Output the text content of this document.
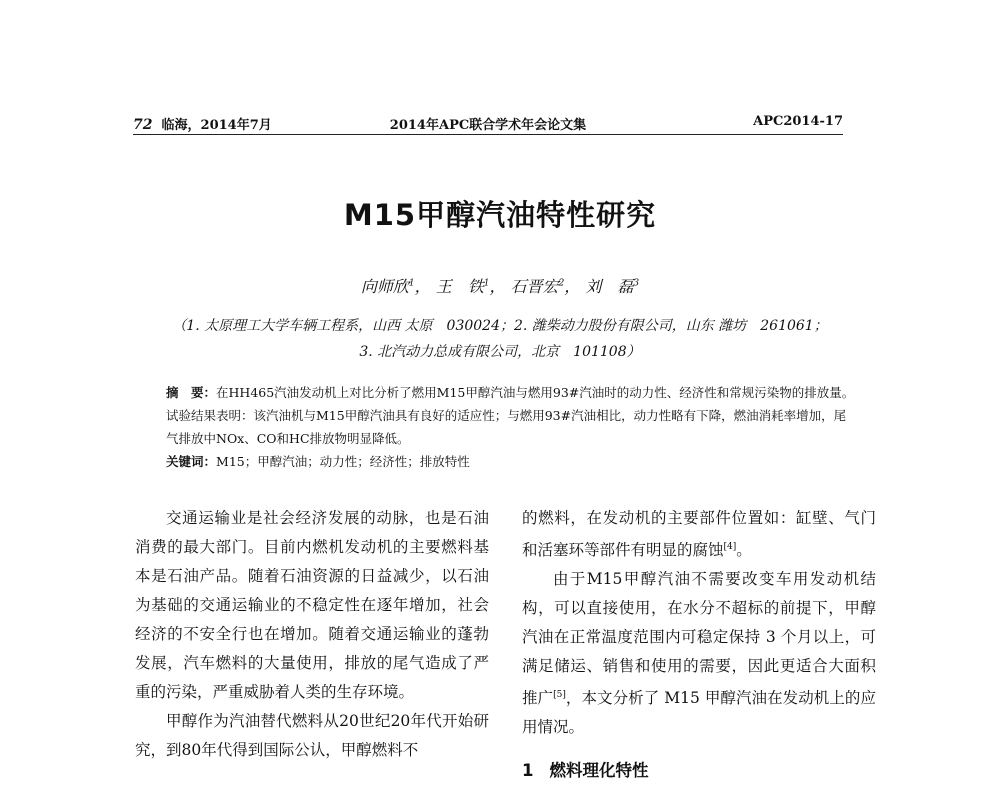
72 临海，2014年7月	2014年APC联合学术年会论文集	APC2014-17
M15甲醇汽油特性研究
向师欣$^1$， 王　铁$^1$， 石晋宏$^2$， 刘　磊$^3$
（1. 太原理工大学车辆工程系，山西 太原　030024；2. 潍柴动力股份有限公司，山东 潍坊　261061；
3. 北汽动力总成有限公司，北京　101108）

摘　要：在HH465汽油发动机上对比分析了燃用M15甲醇汽油与燃用93#汽油时的动力性、经济性和常规污染物的排放量。试验结果表明：该汽油机与M15甲醇汽油具有良好的适应性；与燃用93#汽油相比，动力性略有下降，燃油消耗率增加，尾气排放中NOx、CO和HC排放物明显降低。

关键词：M15；甲醇汽油；动力性；经济性；排放特性

交通运输业是社会经济发展的动脉，也是石油消费的最大部门。目前内燃机发动机的主要燃料基本是石油产品。随着石油资源的日益减少，以石油为基础的交通运输业的不稳定性在逐年增加，社会经济的不安全行也在增加。随着交通运输业的蓬勃发展，汽车燃料的大量使用，排放的尾气造成了严重的污染，严重威胁着人类的生存环境。

甲醇作为汽油替代燃料从20世纪20年代开始研究，到80年代得到国际公认，甲醇燃料不

的燃料，在发动机的主要部件位置如：缸壁、气门和活塞环等部件有明显的腐蚀[4]。

由于M15甲醇汽油不需要改变车用发动机结构，可以直接使用，在水分不超标的前提下，甲醇汽油在正常温度范围内可稳定保持 3 个月以上，可满足储运、销售和使用的需要，因此更适合大面积推广[5]，本文分析了 M15 甲醇汽油在发动机上的应用情况。

1 燃料理化特性
